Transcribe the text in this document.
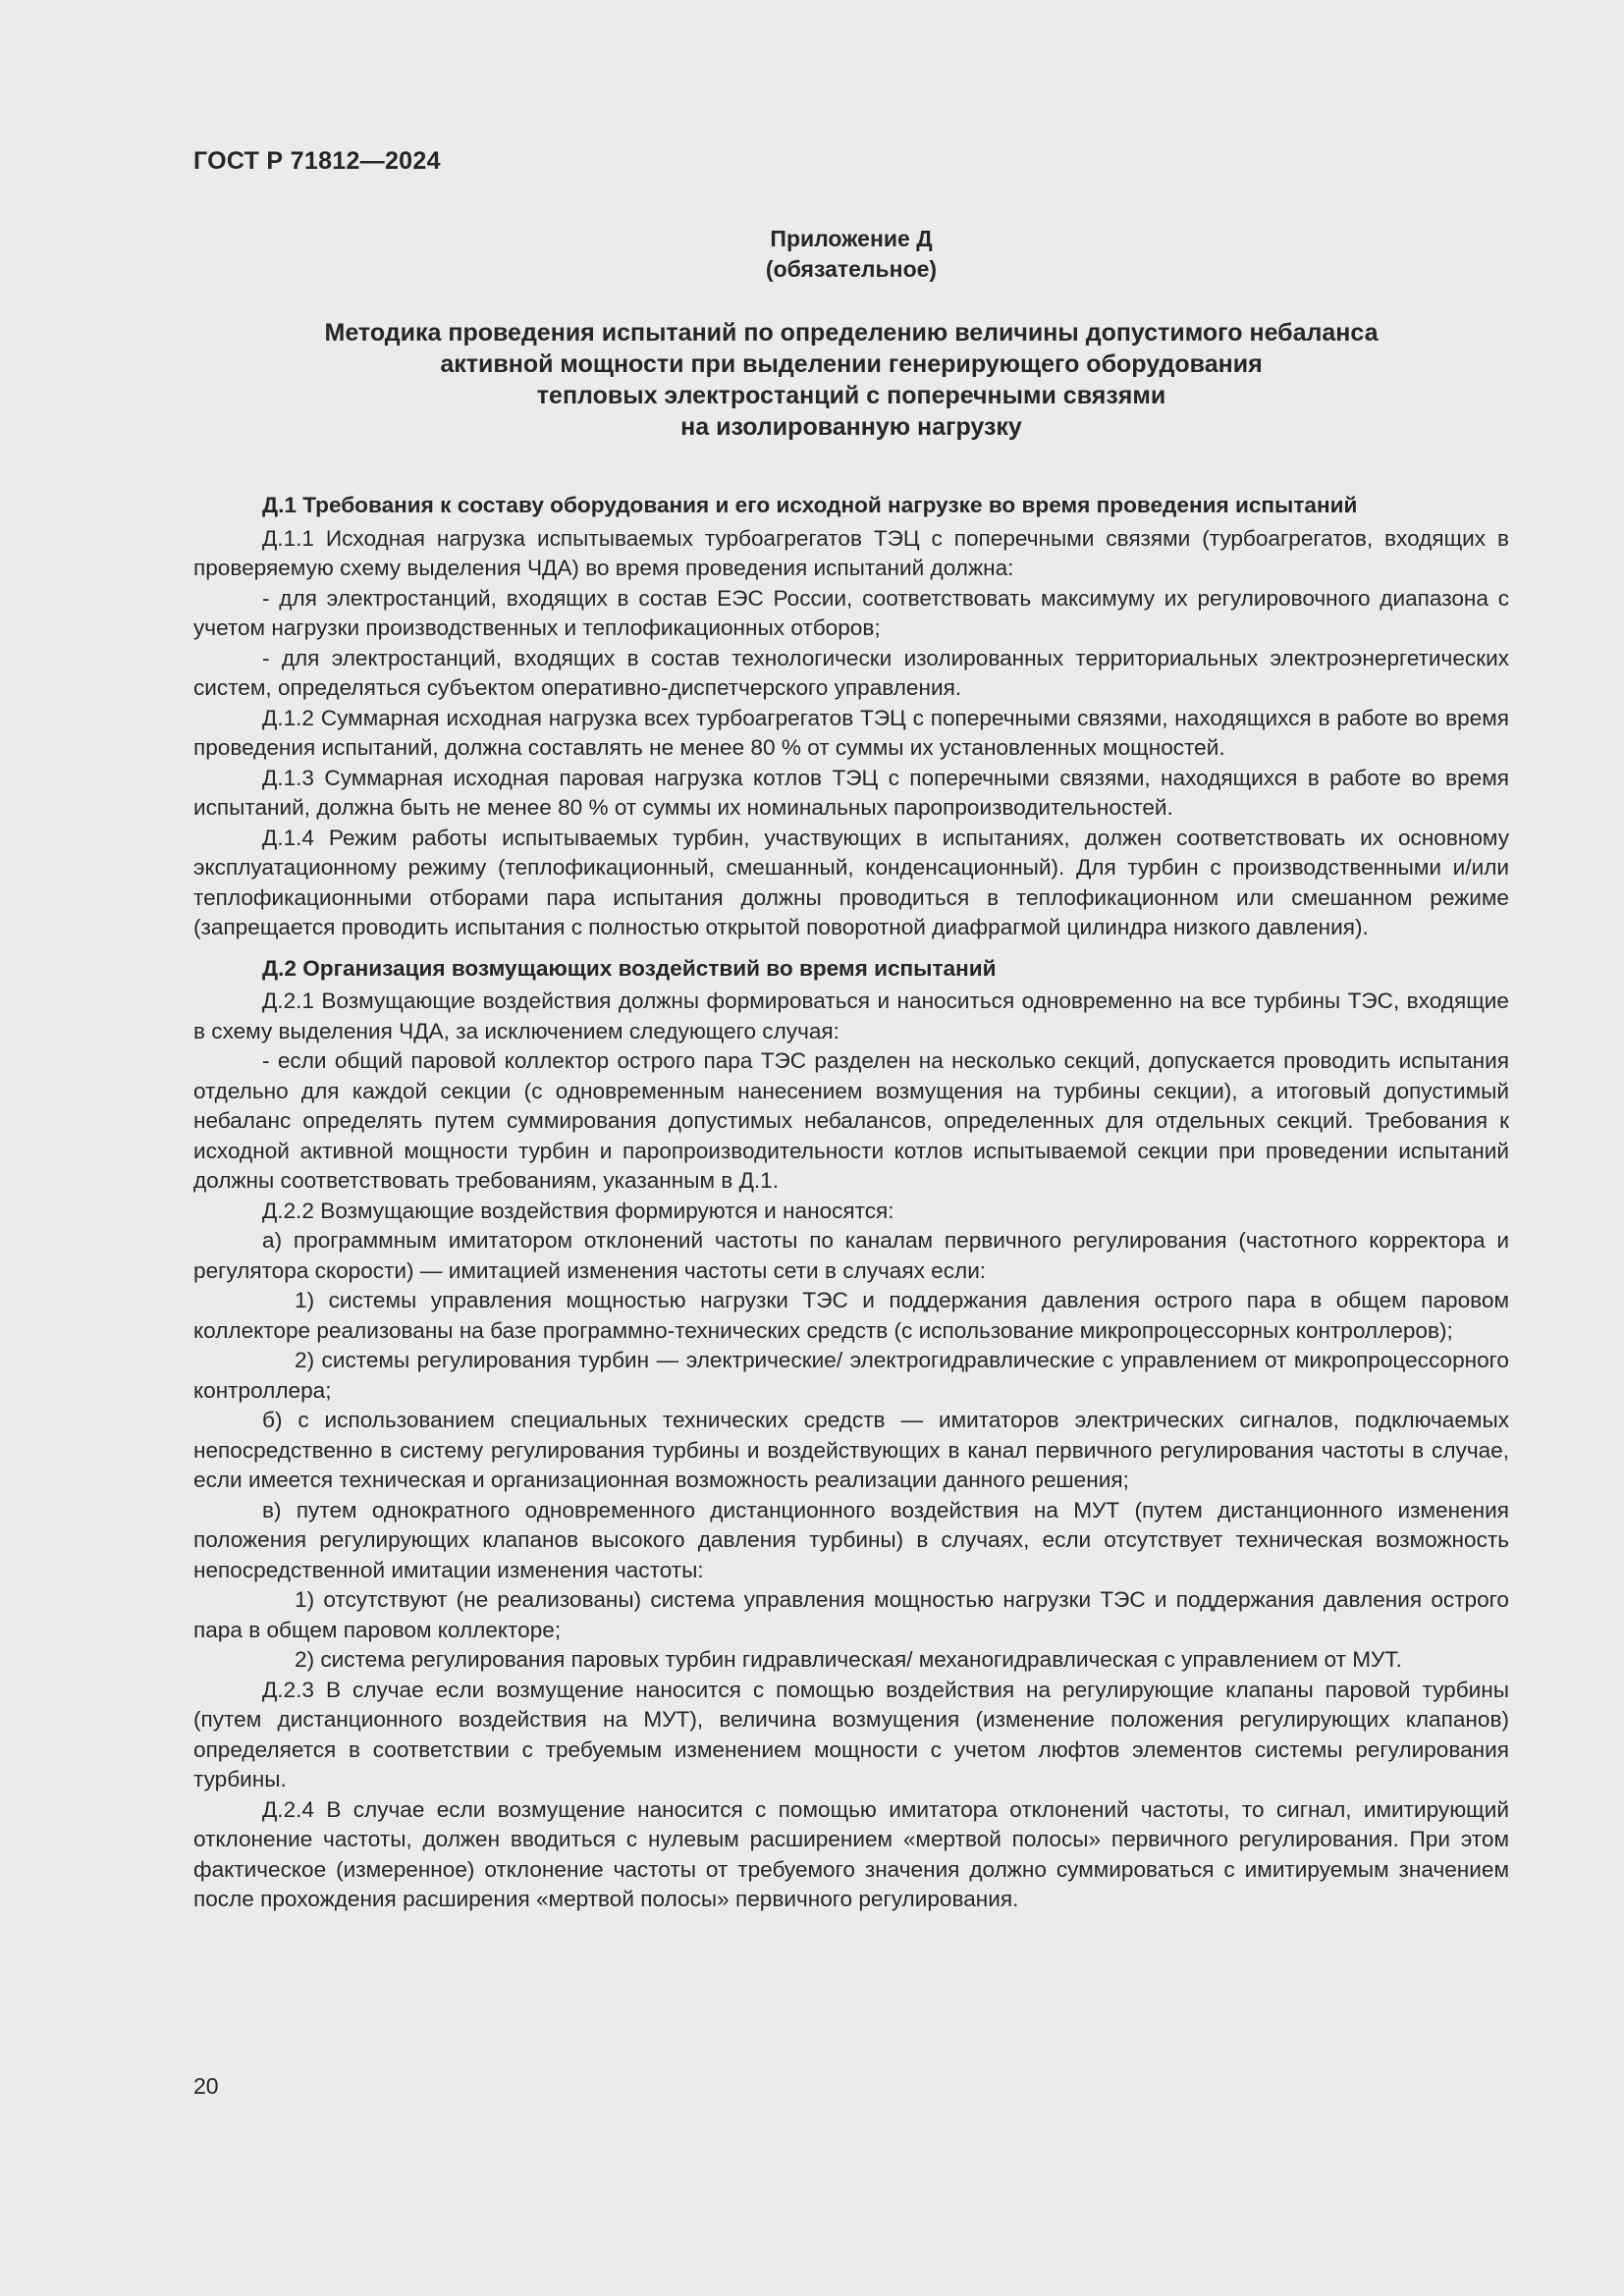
ГОСТ Р 71812—2024
Приложение Д
(обязательное)
Методика проведения испытаний по определению величины допустимого небаланса
активной мощности при выделении генерирующего оборудования
тепловых электростанций с поперечными связями
на изолированную нагрузку
Д.1 Требования к составу оборудования и его исходной нагрузке во время проведения испытаний

Д.1.1 Исходная нагрузка испытываемых турбоагрегатов ТЭЦ с поперечными связями (турбоагрегатов, входящих в проверяемую схему выделения ЧДА) во время проведения испытаний должна:

- для электростанций, входящих в состав ЕЭС России, соответствовать максимуму их регулировочного диапазона с учетом нагрузки производственных и теплофикационных отборов;

- для электростанций, входящих в состав технологически изолированных территориальных электроэнергетических систем, определяться субъектом оперативно-диспетчерского управления.

Д.1.2 Суммарная исходная нагрузка всех турбоагрегатов ТЭЦ с поперечными связями, находящихся в работе во время проведения испытаний, должна составлять не менее 80 % от суммы их установленных мощностей.

Д.1.3 Суммарная исходная паровая нагрузка котлов ТЭЦ с поперечными связями, находящихся в работе во время испытаний, должна быть не менее 80 % от суммы их номинальных паропроизводительностей.

Д.1.4 Режим работы испытываемых турбин, участвующих в испытаниях, должен соответствовать их основному эксплуатационному режиму (теплофикационный, смешанный, конденсационный). Для турбин с производственными и/или теплофикационными отборами пара испытания должны проводиться в теплофикационном или смешанном режиме (запрещается проводить испытания с полностью открытой поворотной диафрагмой цилиндра низкого давления).

Д.2 Организация возмущающих воздействий во время испытаний

Д.2.1 Возмущающие воздействия должны формироваться и наноситься одновременно на все турбины ТЭС, входящие в схему выделения ЧДА, за исключением следующего случая:

- если общий паровой коллектор острого пара ТЭС разделен на несколько секций, допускается проводить испытания отдельно для каждой секции (с одновременным нанесением возмущения на турбины секции), а итоговый допустимый небаланс определять путем суммирования допустимых небалансов, определенных для отдельных секций. Требования к исходной активной мощности турбин и паропроизводительности котлов испытываемой секции при проведении испытаний должны соответствовать требованиям, указанным в Д.1.

Д.2.2 Возмущающие воздействия формируются и наносятся:

а) программным имитатором отклонений частоты по каналам первичного регулирования (частотного корректора и регулятора скорости) — имитацией изменения частоты сети в случаях если:

1) системы управления мощностью нагрузки ТЭС и поддержания давления острого пара в общем паровом коллекторе реализованы на базе программно-технических средств (с использование микропроцессорных контроллеров);

2) системы регулирования турбин — электрические/ электрогидравлические с управлением от микропроцессорного контроллера;

б) с использованием специальных технических средств — имитаторов электрических сигналов, подключаемых непосредственно в систему регулирования турбины и воздействующих в канал первичного регулирования частоты в случае, если имеется техническая и организационная возможность реализации данного решения;

в) путем однократного одновременного дистанционного воздействия на МУТ (путем дистанционного изменения положения регулирующих клапанов высокого давления турбины) в случаях, если отсутствует техническая возможность непосредственной имитации изменения частоты:

1) отсутствуют (не реализованы) система управления мощностью нагрузки ТЭС и поддержания давления острого пара в общем паровом коллекторе;

2) система регулирования паровых турбин гидравлическая/ механогидравлическая с управлением от МУТ.

Д.2.3 В случае если возмущение наносится с помощью воздействия на регулирующие клапаны паровой турбины (путем дистанционного воздействия на МУТ), величина возмущения (изменение положения регулирующих клапанов) определяется в соответствии с требуемым изменением мощности с учетом люфтов элементов системы регулирования турбины.

Д.2.4 В случае если возмущение наносится с помощью имитатора отклонений частоты, то сигнал, имитирующий отклонение частоты, должен вводиться с нулевым расширением «мертвой полосы» первичного регулирования. При этом фактическое (измеренное) отклонение частоты от требуемого значения должно суммироваться с имитируемым значением после прохождения расширения «мертвой полосы» первичного регулирования.

20
